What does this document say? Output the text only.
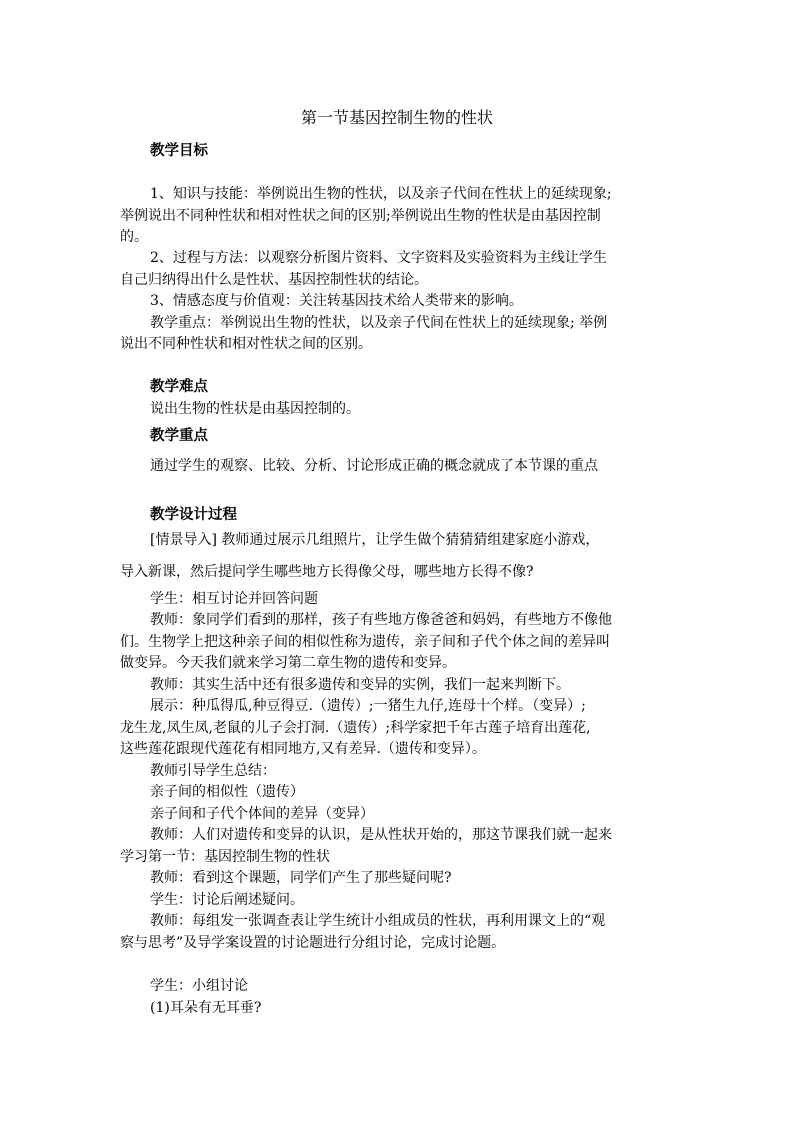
第一节基因控制生物的性状
教学目标

1、知识与技能：举例说出生物的性状，以及亲子代间在性状上的延续现象;

举例说出不同种性状和相对性状之间的区别;举例说出生物的性状是由基因控制

的。

2、过程与方法：以观察分析图片资料、文字资料及实验资料为主线让学生

自己归纳得出什么是性状、基因控制性状的结论。

3、情感态度与价值观：关注转基因技术给人类带来的影响。

教学重点：举例说出生物的性状，以及亲子代间在性状上的延续现象; 举例

说出不同种性状和相对性状之间的区别。

教学难点

说出生物的性状是由基因控制的。

教学重点

通过学生的观察、比较、分析、讨论形成正确的概念就成了本节课的重点

教学设计过程

[情景导入] 教师通过展示几组照片，让学生做个猜猜猜组建家庭小游戏，

导入新课，然后提问学生哪些地方长得像父母，哪些地方长得不像?

学生：相互讨论并回答问题

教师：象同学们看到的那样，孩子有些地方像爸爸和妈妈，有些地方不像他

们。生物学上把这种亲子间的相似性称为遗传，亲子间和子代个体之间的差异叫

做变异。今天我们就来学习第二章生物的遗传和变异。

教师：其实生活中还有很多遗传和变异的实例，我们一起来判断下。

展示：种瓜得瓜,种豆得豆.（遗传）;一猪生九仔,连母十个样。（变异）;

龙生龙,凤生凤,老鼠的儿子会打洞.（遗传）;科学家把千年古莲子培育出莲花,

这些莲花跟现代莲花有相同地方,又有差异.（遗传和变异）。

教师引导学生总结：

亲子间的相似性（遗传）

亲子间和子代个体间的差异（变异）

教师：人们对遗传和变异的认识，是从性状开始的，那这节课我们就一起来

学习第一节：基因控制生物的性状

教师：看到这个课题，同学们产生了那些疑问呢?

学生：讨论后阐述疑问。

教师：每组发一张调查表让学生统计小组成员的性状，再利用课文上的“观

察与思考”及导学案设置的讨论题进行分组讨论，完成讨论题。

学生：小组讨论

(1)耳朵有无耳垂?
